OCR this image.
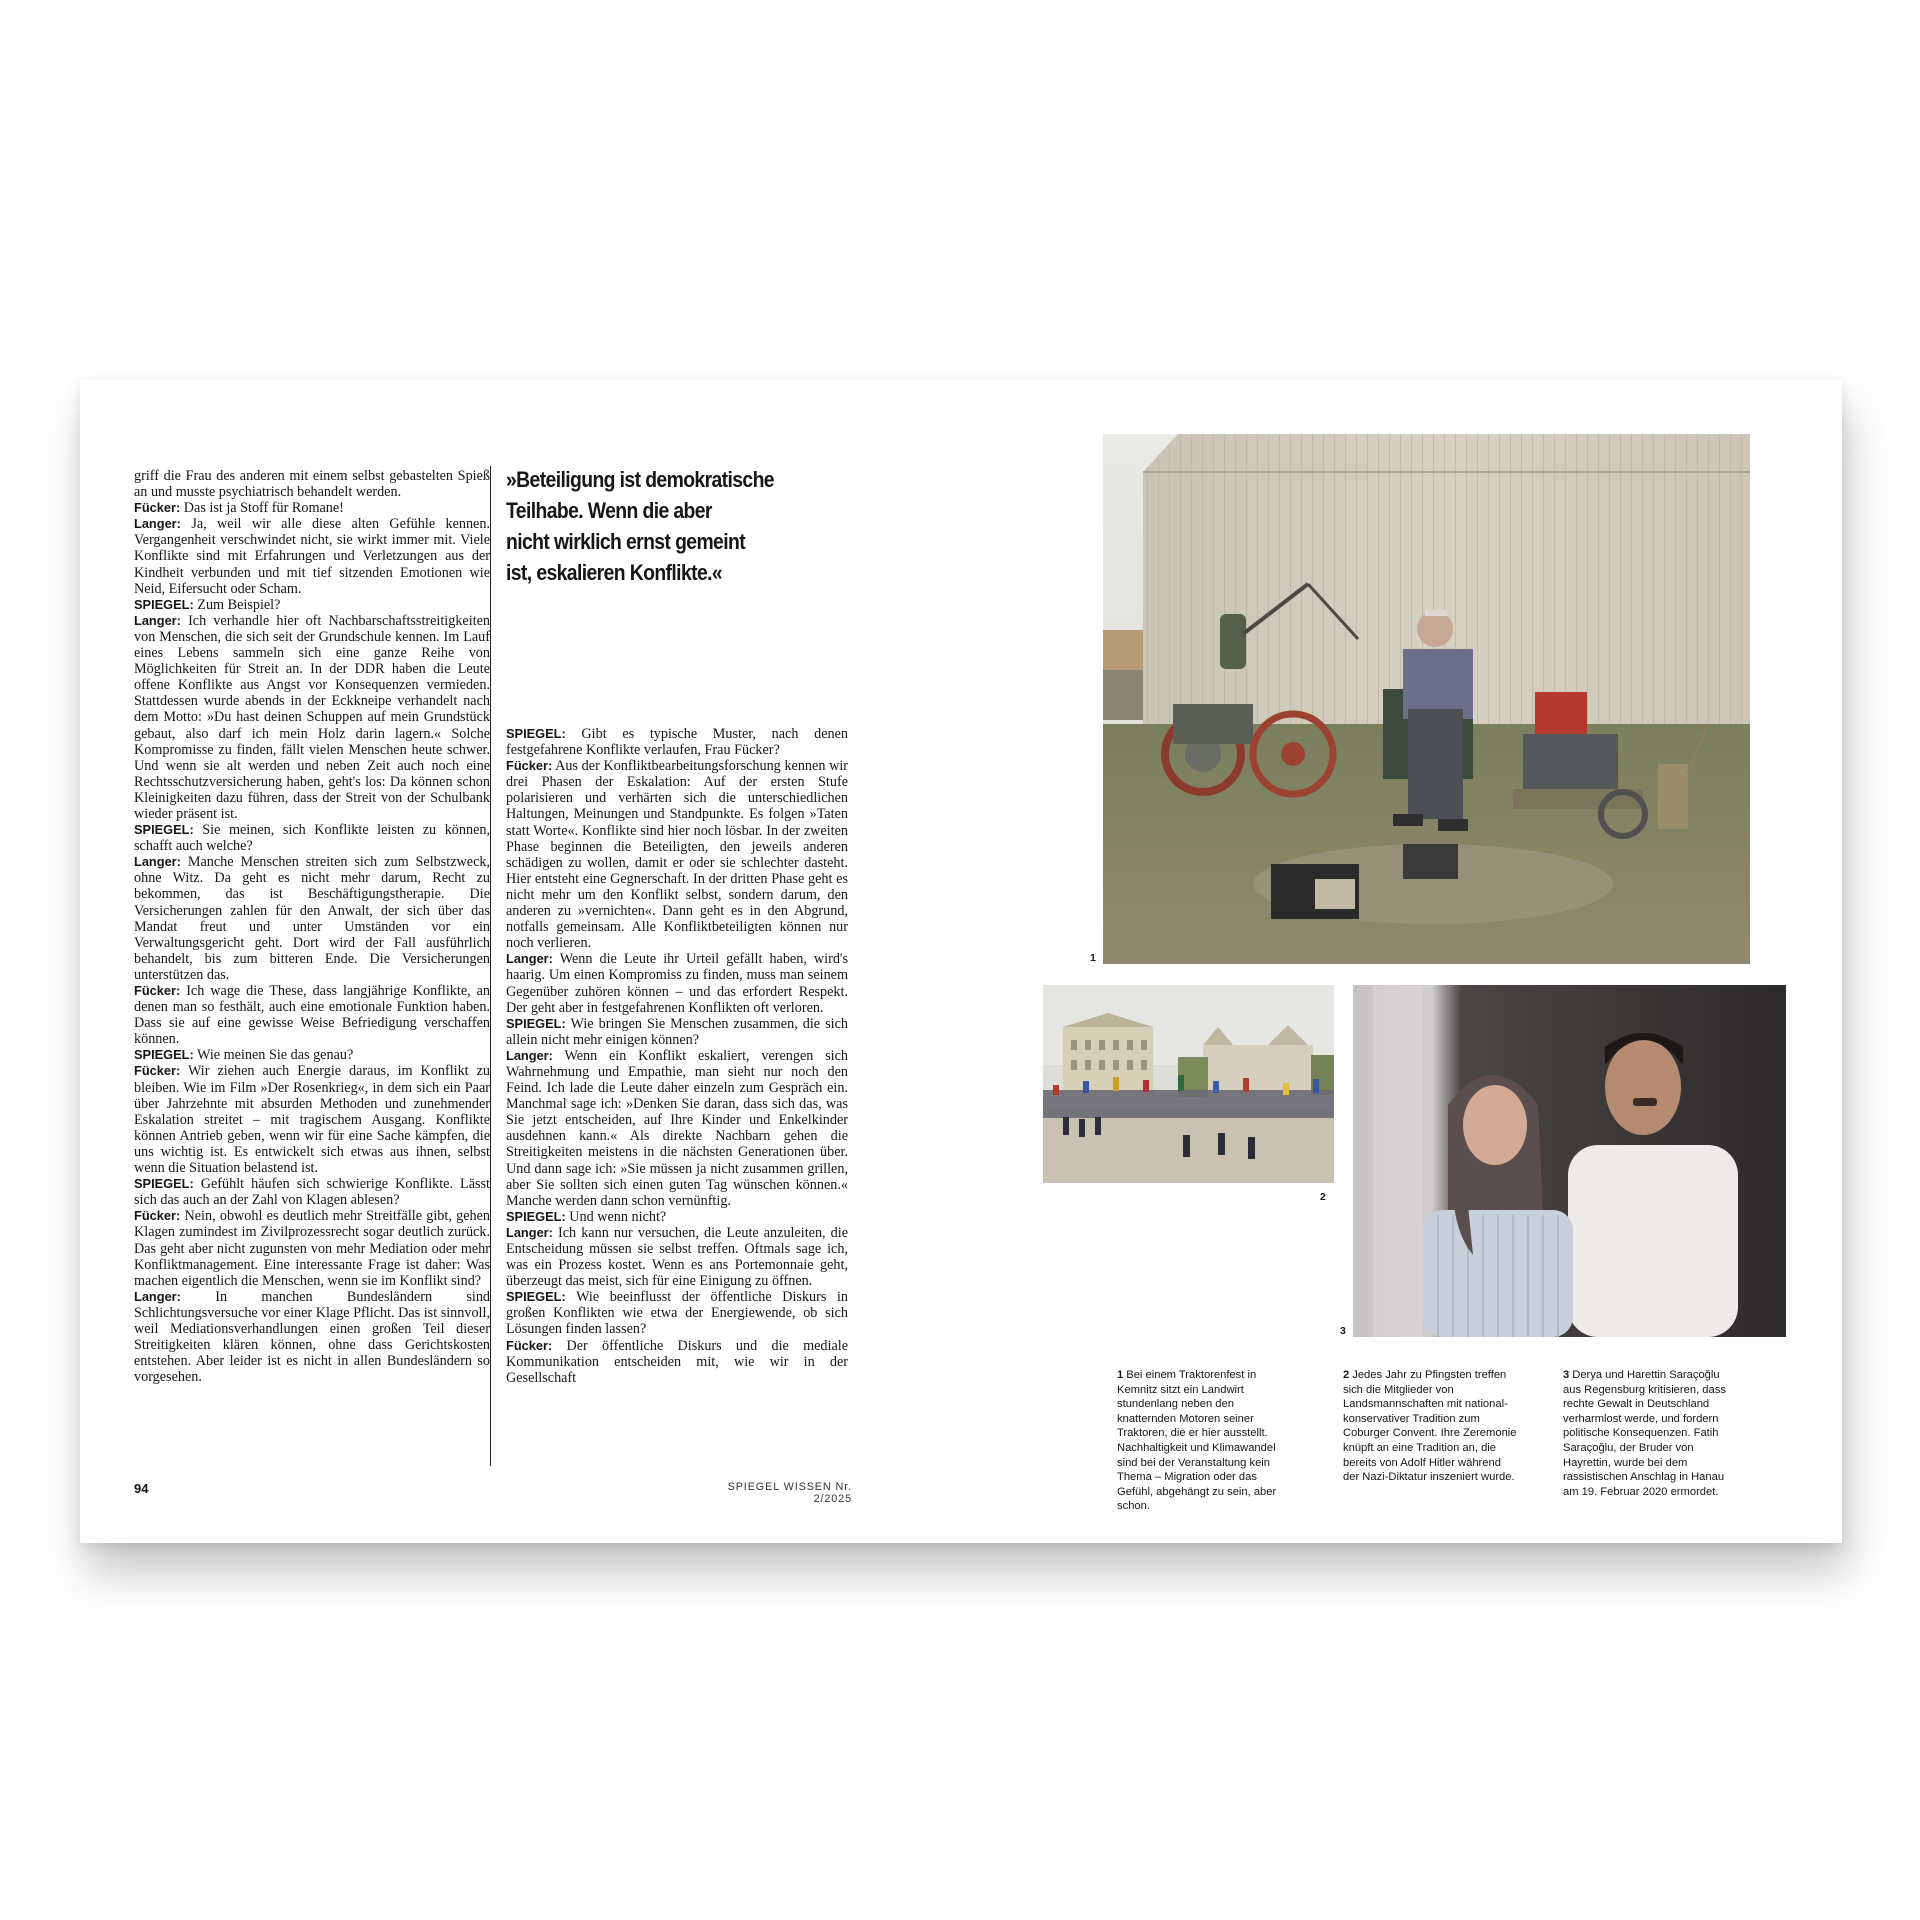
griff die Frau des anderen mit einem selbst gebastelten Spieß an und musste psychiatrisch behandelt werden.

Fücker: Das ist ja Stoff für Romane!

Langer: Ja, weil wir alle diese alten Gefühle kennen. Vergangenheit verschwindet nicht, sie wirkt immer mit. Viele Konflikte sind mit Erfahrungen und Verletzungen aus der Kindheit verbunden und mit tief sitzenden Emotionen wie Neid, Eifersucht oder Scham.

SPIEGEL: Zum Beispiel?

Langer: Ich verhandle hier oft Nachbarschaftsstreitigkeiten von Menschen, die sich seit der Grundschule kennen. Im Lauf eines Lebens sammeln sich eine ganze Reihe von Möglichkeiten für Streit an. In der DDR haben die Leute offene Konflikte aus Angst vor Konsequenzen vermieden. Stattdessen wurde abends in der Eckkneipe verhandelt nach dem Motto: »Du hast deinen Schuppen auf mein Grundstück gebaut, also darf ich mein Holz darin lagern.« Solche Kompromisse zu finden, fällt vielen Menschen heute schwer. Und wenn sie alt werden und neben Zeit auch noch eine Rechtsschutzversicherung haben, geht's los: Da können schon Kleinigkeiten dazu führen, dass der Streit von der Schulbank wieder präsent ist.

SPIEGEL: Sie meinen, sich Konflikte leisten zu können, schafft auch welche?

Langer: Manche Menschen streiten sich zum Selbstzweck, ohne Witz. Da geht es nicht mehr darum, Recht zu bekommen, das ist Beschäftigungstherapie. Die Versicherungen zahlen für den Anwalt, der sich über das Mandat freut und unter Umständen vor ein Verwaltungsgericht geht. Dort wird der Fall ausführlich behandelt, bis zum bitteren Ende. Die Versicherungen unterstützen das.

Fücker: Ich wage die These, dass langjährige Konflikte, an denen man so festhält, auch eine emotionale Funktion haben. Dass sie auf eine gewisse Weise Befriedigung verschaffen können.

SPIEGEL: Wie meinen Sie das genau?

Fücker: Wir ziehen auch Energie daraus, im Konflikt zu bleiben. Wie im Film »Der Rosenkrieg«, in dem sich ein Paar über Jahrzehnte mit absurden Methoden und zunehmender Eskalation streitet – mit tragischem Ausgang. Konflikte können Antrieb geben, wenn wir für eine Sache kämpfen, die uns wichtig ist. Es entwickelt sich etwas aus ihnen, selbst wenn die Situation belastend ist.

SPIEGEL: Gefühlt häufen sich schwierige Konflikte. Lässt sich das auch an der Zahl von Klagen ablesen?

Fücker: Nein, obwohl es deutlich mehr Streitfälle gibt, gehen Klagen zumindest im Zivilprozessrecht sogar deutlich zurück. Das geht aber nicht zugunsten von mehr Mediation oder mehr Konfliktmanagement. Eine interessante Frage ist daher: Was machen eigentlich die Menschen, wenn sie im Konflikt sind?

Langer: In manchen Bundesländern sind Schlichtungsversuche vor einer Klage Pflicht. Das ist sinnvoll, weil Mediationsverhandlungen einen großen Teil dieser Streitigkeiten klären können, ohne dass Gerichtskosten entstehen. Aber leider ist es nicht in allen Bundesländern so vorgesehen.

»Beteiligung ist demokratische
Teilhabe. Wenn die aber
nicht wirklich ernst gemeint
ist, eskalieren Konflikte.«

SPIEGEL: Gibt es typische Muster, nach denen festgefahrene Konflikte verlaufen, Frau Fücker?

Fücker: Aus der Konfliktbearbeitungsforschung kennen wir drei Phasen der Eskalation: Auf der ersten Stufe polarisieren und verhärten sich die unterschiedlichen Haltungen, Meinungen und Standpunkte. Es folgen »Taten statt Worte«. Konflikte sind hier noch lösbar. In der zweiten Phase beginnen die Beteiligten, den jeweils anderen schädigen zu wollen, damit er oder sie schlechter dasteht. Hier entsteht eine Gegnerschaft. In der dritten Phase geht es nicht mehr um den Konflikt selbst, sondern darum, den anderen zu »vernichten«. Dann geht es in den Abgrund, notfalls gemeinsam. Alle Konfliktbeteiligten können nur noch verlieren.

Langer: Wenn die Leute ihr Urteil gefällt haben, wird's haarig. Um einen Kompromiss zu finden, muss man seinem Gegenüber zuhören können – und das erfordert Respekt. Der geht aber in festgefahrenen Konflikten oft verloren.

SPIEGEL: Wie bringen Sie Menschen zusammen, die sich allein nicht mehr einigen können?

Langer: Wenn ein Konflikt eskaliert, verengen sich Wahrnehmung und Empathie, man sieht nur noch den Feind. Ich lade die Leute daher einzeln zum Gespräch ein. Manchmal sage ich: »Denken Sie daran, dass sich das, was Sie jetzt entscheiden, auf Ihre Kinder und Enkelkinder ausdehnen kann.« Als direkte Nachbarn gehen die Streitigkeiten meistens in die nächsten Generationen über. Und dann sage ich: »Sie müssen ja nicht zusammen grillen, aber Sie sollten sich einen guten Tag wünschen können.« Manche werden dann schon vernünftig.

SPIEGEL: Und wenn nicht?

Langer: Ich kann nur versuchen, die Leute anzuleiten, die Entscheidung müssen sie selbst treffen. Oftmals sage ich, was ein Prozess kostet. Wenn es ans Portemonnaie geht, überzeugt das meist, sich für eine Einigung zu öffnen.

SPIEGEL: Wie beeinflusst der öffentliche Diskurs in großen Konflikten wie etwa der Energiewende, ob sich Lösungen finden lassen?

Fücker: Der öffentliche Diskurs und die mediale Kommunikation entscheiden mit, wie wir in der Gesellschaft

94	SPIEGEL WISSEN Nr. 2/2025
1
2
3
1 Bei einem Traktorenfest in Kemnitz sitzt ein Landwirt stundenlang neben den knatternden Motoren seiner Traktoren, die er hier ausstellt. Nachhaltigkeit und Klimawandel sind bei der Veranstaltung kein Thema – Migration oder das Gefühl, abgehängt zu sein, aber schon.
2 Jedes Jahr zu Pfingsten treffen sich die Mitglieder von Landsmannschaften mit national-konservativer Tradition zum Coburger Convent. Ihre Zeremonie knüpft an eine Tradition an, die bereits von Adolf Hitler während der Nazi-Diktatur inszeniert wurde.
3 Derya und Harettin Saraçoğlu aus Regensburg kritisieren, dass rechte Gewalt in Deutschland verharmlost werde, und fordern politische Konsequenzen. Fatih Saraçoğlu, der Bruder von Hayrettin, wurde bei dem rassistischen Anschlag in Hanau am 19. Februar 2020 ermordet.
